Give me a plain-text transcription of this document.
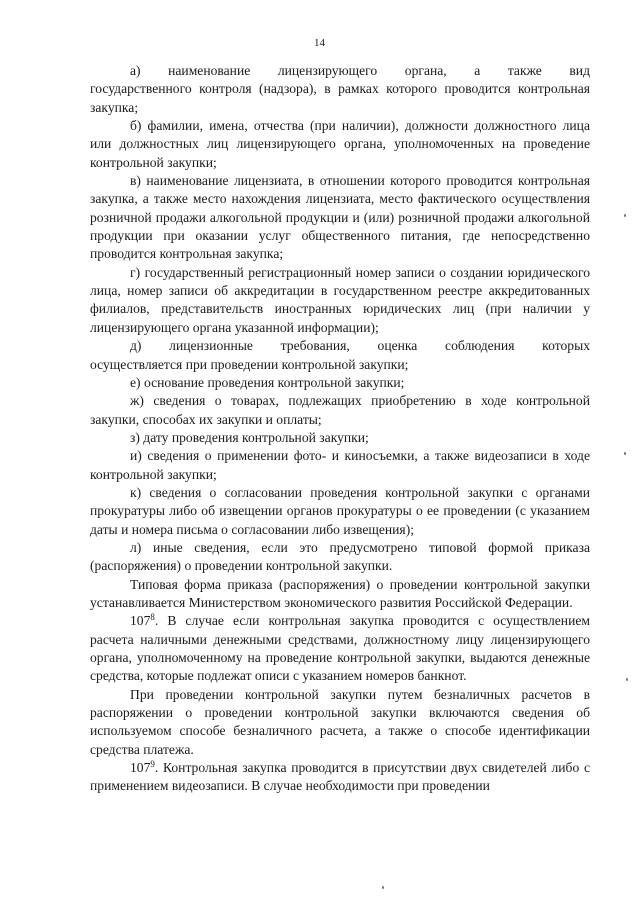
14

а)    наименование    лицензирующего    органа,    а    также    вид государственного контроля (надзора), в рамках которого проводится контрольная закупка;

б) фамилии, имена, отчества (при наличии), должности должностного лица или должностных лиц лицензирующего органа, уполномоченных на проведение контрольной закупки;

в) наименование лицензиата, в отношении которого проводится контрольная закупка, а также место нахождения лицензиата, место фактического осуществления розничной продажи алкогольной продукции и (или) розничной продажи алкогольной продукции при оказании услуг общественного питания, где непосредственно проводится контрольная закупка;

г) государственный регистрационный номер записи о создании юридического лица, номер записи об аккредитации в государственном реестре аккредитованных филиалов, представительств иностранных юридических лиц (при наличии у лицензирующего органа указанной информации);

д)      лицензионные      требования,      оценка      соблюдения      которых осуществляется при проведении контрольной закупки;

е) основание проведения контрольной закупки;

ж) сведения о товарах, подлежащих приобретению в ходе контрольной закупки, способах их закупки и оплаты;

з) дату проведения контрольной закупки;

и) сведения о применении фото- и киносъемки, а также видеозаписи в ходе контрольной закупки;

к) сведения о согласовании проведения контрольной закупки с органами прокуратуры либо об извещении органов прокуратуры о ее проведении (с указанием даты и номера письма о согласовании либо извещения);

л) иные сведения, если это предусмотрено типовой формой приказа (распоряжения) о проведении контрольной закупки.

Типовая форма приказа (распоряжения) о проведении контрольной закупки устанавливается Министерством экономического развития Российской Федерации.

$107^8$. В случае если контрольная закупка проводится с осуществлением расчета наличными денежными средствами, должностному лицу лицензирующего органа, уполномоченному на проведение контрольной закупки, выдаются денежные средства, которые подлежат описи с указанием номеров банкнот.

При проведении контрольной закупки путем безналичных расчетов в распоряжении о проведении контрольной закупки включаются сведения об используемом способе безналичного расчета, а также о способе идентификации средства платежа.

$107^9$. Контрольная закупка проводится в присутствии двух свидетелей либо с применением видеозаписи. В случае необходимости при проведении
